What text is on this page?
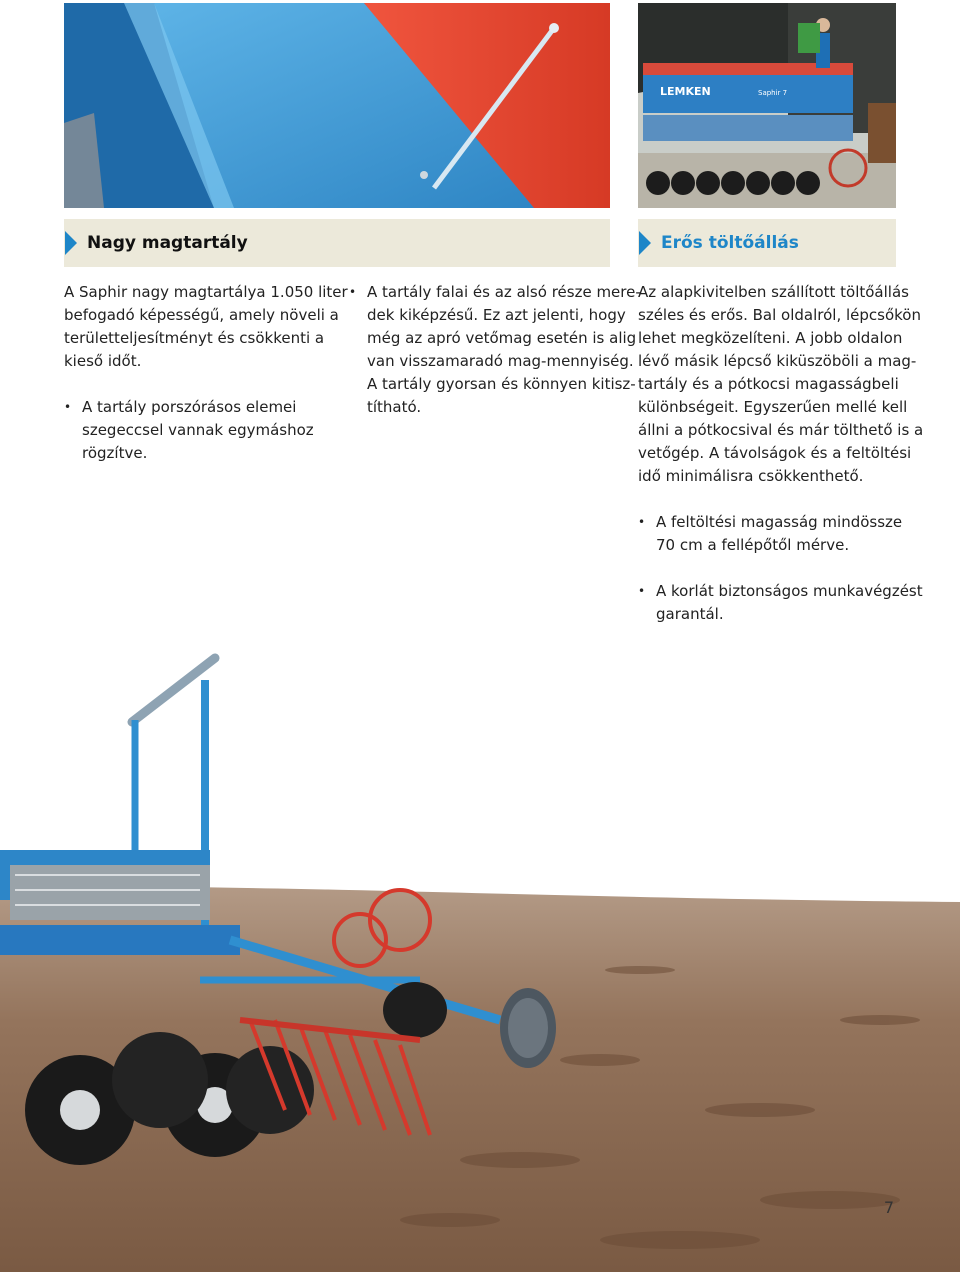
LEMKEN	Saphir 7
Nagy magtartály	Erős töltőállás
A Saphir nagy magtartálya 1.050 liter
befogadó képességű, amely növeli a
területteljesítményt és csökkenti a
kieső időt.
• A tartály porszórásos elemei
szegeccsel vannak egymáshoz
rögzítve.
• A tartály falai és az alsó része mere-
dek kiképzésű. Ez azt jelenti, hogy
még az apró vetőmag esetén is alig
van visszamaradó mag-mennyiség.
A tartály gyorsan és könnyen kitisz-
títható.
Az alapkivitelben szállított töltőállás
széles és erős. Bal oldalról, lépcsőkön
lehet megközelíteni. A jobb oldalon
lévő másik lépcső kiküszöböli a mag-
tartály és a pótkocsi magasságbeli
különbségeit. Egyszerűen mellé kell
állni a pótkocsival és már tölthető is a
vetőgép. A távolságok és a feltöltési
idő minimálisra csökkenthető.
• A feltöltési magasság mindössze
70 cm a fellépőtől mérve.
• A korlát biztonságos munkavégzést
garantál.
7
